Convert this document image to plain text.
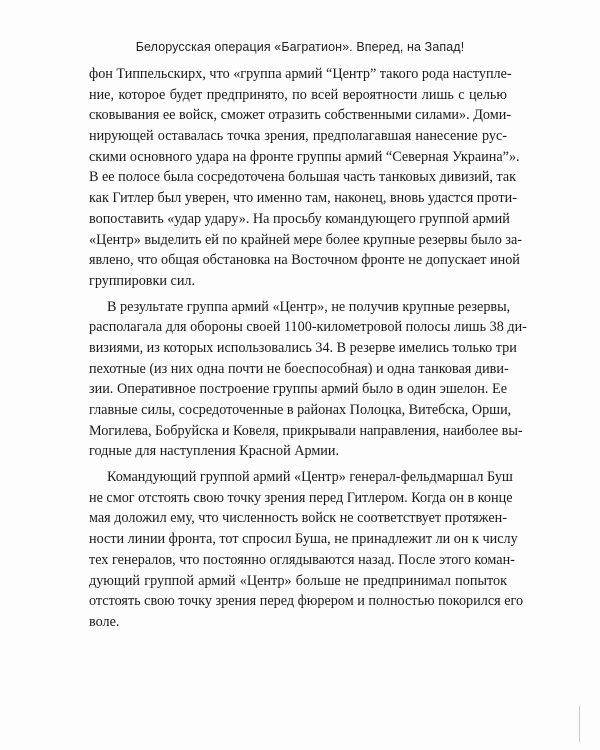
Белорусская операция «Багратион». Вперед, на Запад!
фон Типпельскирх, что «группа армий “Центр” такого рода наступле-
ние, которое будет предпринято, по всей вероятности лишь с целью
сковывания ее войск, сможет отразить собственными силами». Доми-
нирующей оставалась точка зрения, предполагавшая нанесение рус-
скими основного удара на фронте группы армий “Северная Украина”».
В ее полосе была сосредоточена большая часть танковых дивизий, так
как Гитлер был уверен, что именно там, наконец, вновь удастся проти-
вопоставить «удар удару». На просьбу командующего группой армий
«Центр» выделить ей по крайней мере более крупные резервы было за-
явлено, что общая обстановка на Восточном фронте не допускает иной
группировки сил.
В результате группа армий «Центр», не получив крупные резервы,
располагала для обороны своей 1100-километровой полосы лишь 38 ди-
визиями, из которых использовались 34. В резерве имелись только три
пехотные (из них одна почти не боеспособная) и одна танковая диви-
зии. Оперативное построение группы армий было в один эшелон. Ее
главные силы, сосредоточенные в районах Полоцка, Витебска, Орши,
Могилева, Бобруйска и Ковеля, прикрывали направления, наиболее вы-
годные для наступления Красной Армии.
Командующий группой армий «Центр» генерал-фельдмаршал Буш
не смог отстоять свою точку зрения перед Гитлером. Когда он в конце
мая доложил ему, что численность войск не соответствует протяжен-
ности линии фронта, тот спросил Буша, не принадлежит ли он к числу
тех генералов, что постоянно оглядываются назад. После этого коман-
дующий группой армий «Центр» больше не предпринимал попыток
отстоять свою точку зрения перед фюрером и полностью покорился его
воле.
